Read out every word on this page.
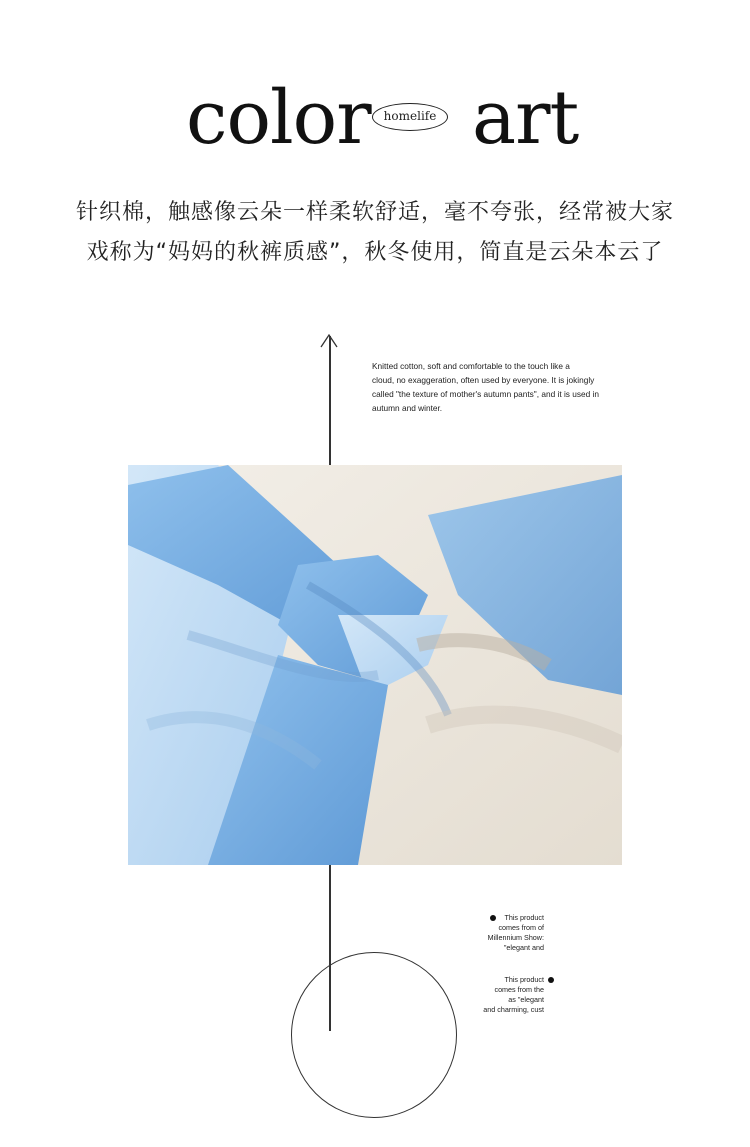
color	homelife art
针织棉，触感像云朵一样柔软舒适，毫不夸张，经常被大家
戏称为“妈妈的秋裤质感”，秋冬使用，简直是云朵本云了
Knitted cotton, soft and comfortable to the touch like a
cloud, no exaggeration, often used by everyone. It is jokingly
called "the texture of mother's autumn pants", and it is used in
autumn and winter.
This product
comes from of
Millennium Show:
"elegant and
This product
comes from the
as "elegant
and charming, cust
